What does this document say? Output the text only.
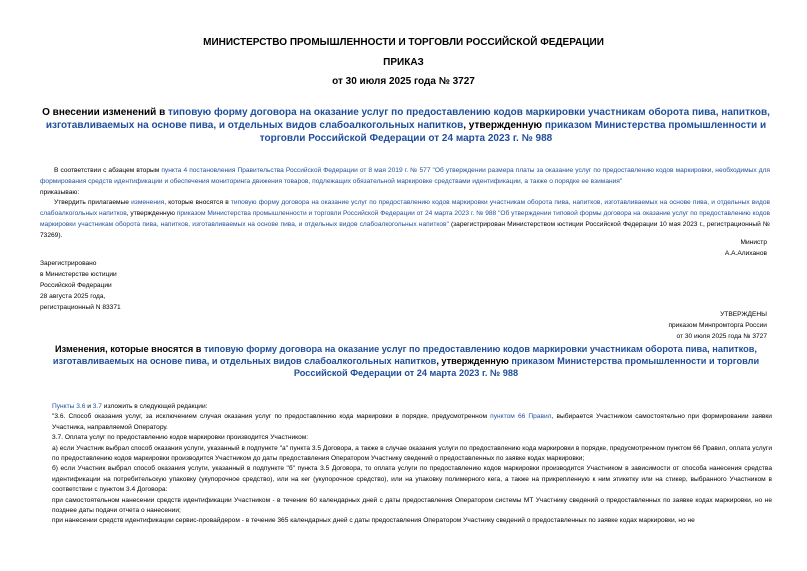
МИНИСТЕРСТВО ПРОМЫШЛЕННОСТИ И ТОРГОВЛИ РОССИЙСКОЙ ФЕДЕРАЦИИ
ПРИКАЗ
от 30 июля 2025 года № 3727
О внесении изменений в типовую форму договора на оказание услуг по предоставлению кодов маркировки участникам оборота пива, напитков, изготавливаемых на основе пива, и отдельных видов слабоалкогольных напитков, утвержденную приказом Министерства промышленности и торговли Российской Федерации от 24 марта 2023 г. № 988
В соответствии с абзацем вторым пункта 4 постановления Правительства Российской Федерации от 8 мая 2019 г. № 577 "Об утверждении размера платы за оказание услуг по предоставлению кодов маркировки, необходимых для формирования средств идентификации и обеспечения мониторинга движения товаров, подлежащих обязательной маркировке средствами идентификации, а также о порядке ее взимания"
приказываю:
Утвердить прилагаемые изменения, которые вносятся в типовую форму договора на оказание услуг по предоставлению кодов маркировки участникам оборота пива, напитков, изготавливаемых на основе пива, и отдельных видов слабоалкогольных напитков, утвержденную приказом Министерства промышленности и торговли Российской Федерации от 24 марта 2023 г. № 988 "Об утверждении типовой формы договора на оказание услуг по предоставлению кодов маркировки участникам оборота пива, напитков, изготавливаемых на основе пива, и отдельных видов слабоалкогольных напитков" (зарегистрирован Министерством юстиции Российской Федерации 10 мая 2023 г., регистрационный № 73269).
Министр
А.А.Алиханов
Зарегистрировано
в Министерстве юстиции
Российской Федерации
28 августа 2025 года,
регистрационный N 83371
УТВЕРЖДЕНЫ
приказом Минпромторга России
от 30 июля 2025 года № 3727
Изменения, которые вносятся в типовую форму договора на оказание услуг по предоставлению кодов маркировки участникам оборота пива, напитков, изготавливаемых на основе пива, и отдельных видов слабоалкогольных напитков, утвержденную приказом Министерства промышленности и торговли Российской Федерации от 24 марта 2023 г. № 988
Пункты 3.6 и 3.7 изложить в следующей редакции:
"3.6. Способ оказания услуг, за исключением случая оказания услуг по предоставлению кода маркировки в порядке, предусмотренном пунктом 66 Правил, выбирается Участником самостоятельно при формировании заявки Участника, направляемой Оператору.
3.7. Оплата услуг по предоставлению кодов маркировки производится Участником:
а) если Участник выбрал способ оказания услуги, указанный в подпункте "а" пункта 3.5 Договора, а также в случае оказания услуги по предоставлению кода маркировки в порядке, предусмотренном пунктом 66 Правил, оплата услуги по предоставлению кодов маркировки производится Участником до даты предоставления Оператором Участнику сведений о предоставленных по заявке кодах маркировки;
б) если Участник выбрал способ оказания услуги, указанный в подпункте "б" пункта 3.5 Договора, то оплата услуги по предоставлению кодов маркировки производится Участником в зависимости от способа нанесения средства идентификации на потребительскую упаковку (укупорочное средство), или на кег (укупорочное средство), или на упаковку полимерного кега, а также на прикрепленную к ним этикетку или на стикер, выбранного Участником в соответствии с пунктом 3.4 Договора:
при самостоятельном нанесении средств идентификации Участником - в течение 60 календарных дней с даты предоставления Оператором системы МТ Участнику сведений о предоставленных по заявке кодах маркировки, но не позднее даты подачи отчета о нанесении;
при нанесении средств идентификации сервис-провайдером - в течение 365 календарных дней с даты предоставления Оператором Участнику сведений о предоставленных по заявке кодах маркировки, но не
